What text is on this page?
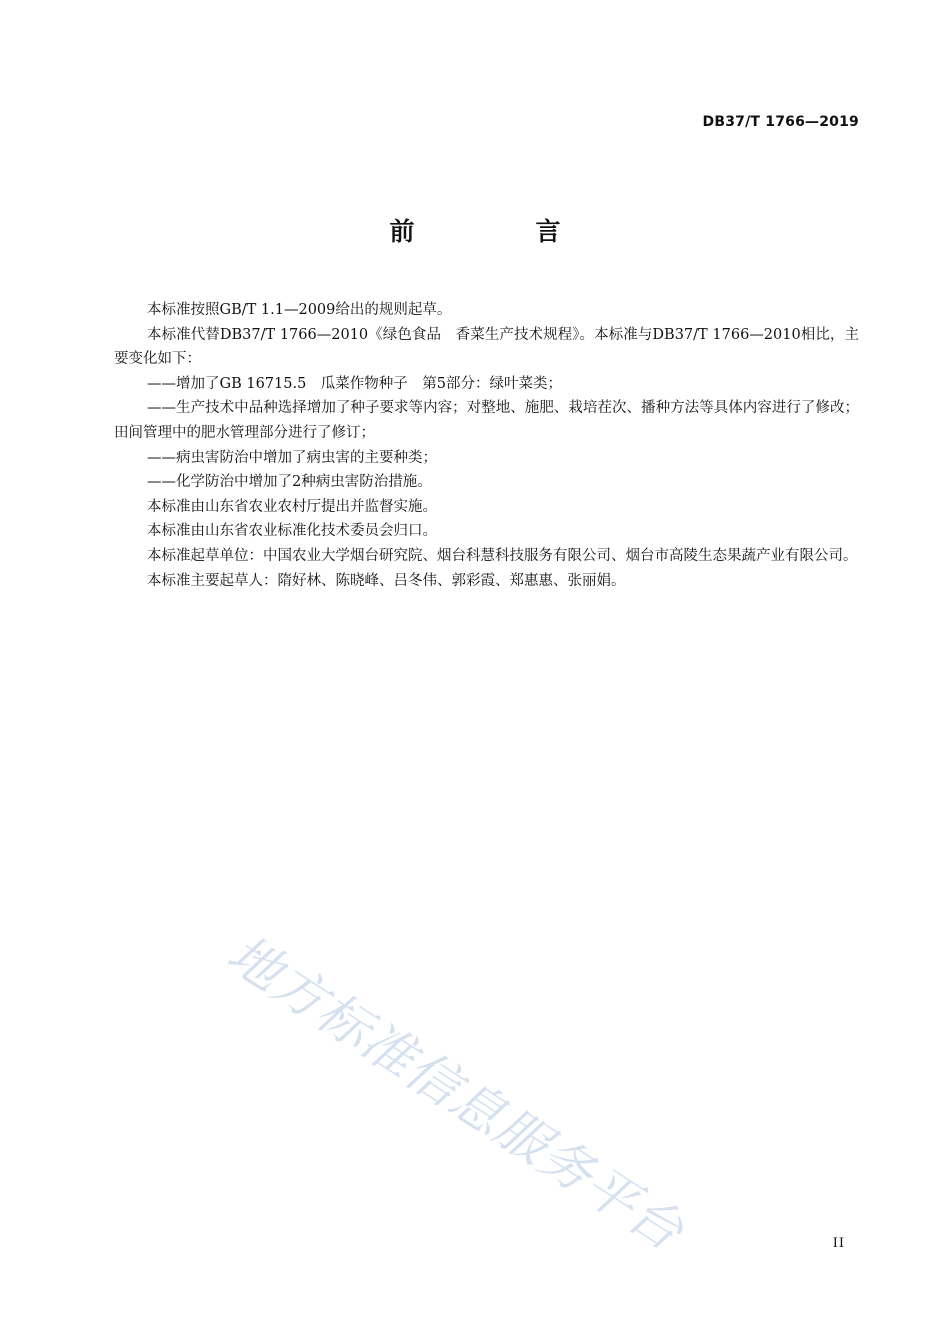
DB37/T 1766—2019
前　言

本标准按照GB/T 1.1—2009给出的规则起草。

本标准代替DB37/T 1766—2010《绿色食品　香菜生产技术规程》。本标准与DB37/T 1766—2010相比，主要变化如下：

——增加了GB 16715.5　瓜菜作物种子　第5部分：绿叶菜类；

——生产技术中品种选择增加了种子要求等内容；对整地、施肥、栽培茬次、播种方法等具体内容进行了修改；田间管理中的肥水管理部分进行了修订；

——病虫害防治中增加了病虫害的主要种类；

——化学防治中增加了2种病虫害防治措施。

本标准由山东省农业农村厅提出并监督实施。

本标准由山东省农业标准化技术委员会归口。

本标准起草单位：中国农业大学烟台研究院、烟台科慧科技服务有限公司、烟台市高陵生态果蔬产业有限公司。

本标准主要起草人：隋好林、陈晓峰、吕冬伟、郭彩霞、郑惠惠、张丽娟。

地方标准信息服务平台	II
